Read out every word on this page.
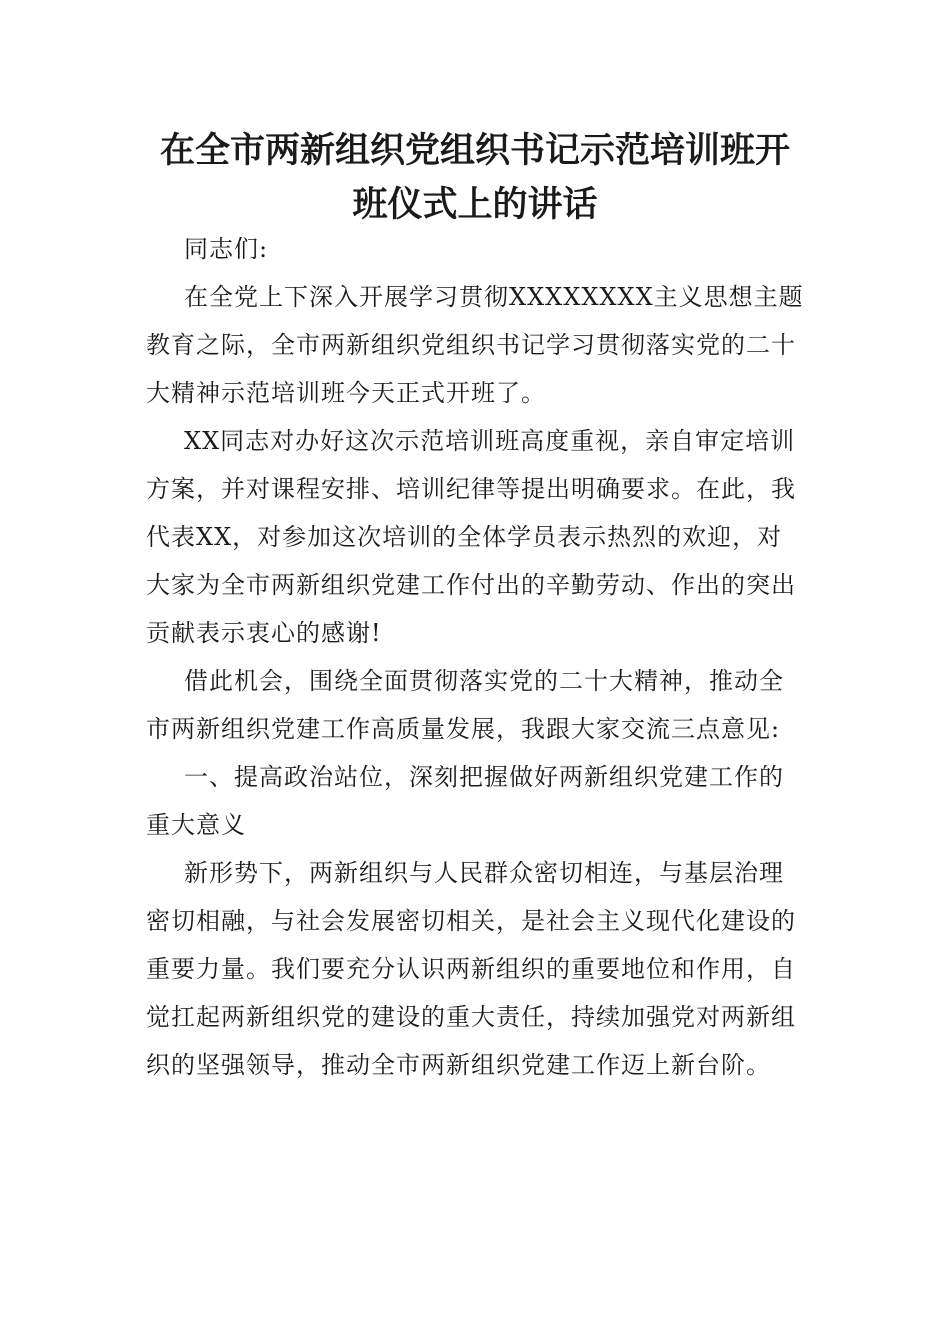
在全市两新组织党组织书记示范培训班开
班仪式上的讲话

同志们:

在全党上下深入开展学习贯彻XXXXXXXX主义思想主题教育之际，全市两新组织党组织书记学习贯彻落实党的二十大精神示范培训班今天正式开班了。

XX同志对办好这次示范培训班高度重视，亲自审定培训方案，并对课程安排、培训纪律等提出明确要求。在此，我代表XX，对参加这次培训的全体学员表示热烈的欢迎，对大家为全市两新组织党建工作付出的辛勤劳动、作出的突出贡献表示衷心的感谢!

借此机会，围绕全面贯彻落实党的二十大精神，推动全市两新组织党建工作高质量发展，我跟大家交流三点意见:

一、提高政治站位，深刻把握做好两新组织党建工作的重大意义

新形势下，两新组织与人民群众密切相连，与基层治理密切相融，与社会发展密切相关，是社会主义现代化建设的重要力量。我们要充分认识两新组织的重要地位和作用，自觉扛起两新组织党的建设的重大责任，持续加强党对两新组织的坚强领导，推动全市两新组织党建工作迈上新台阶。
